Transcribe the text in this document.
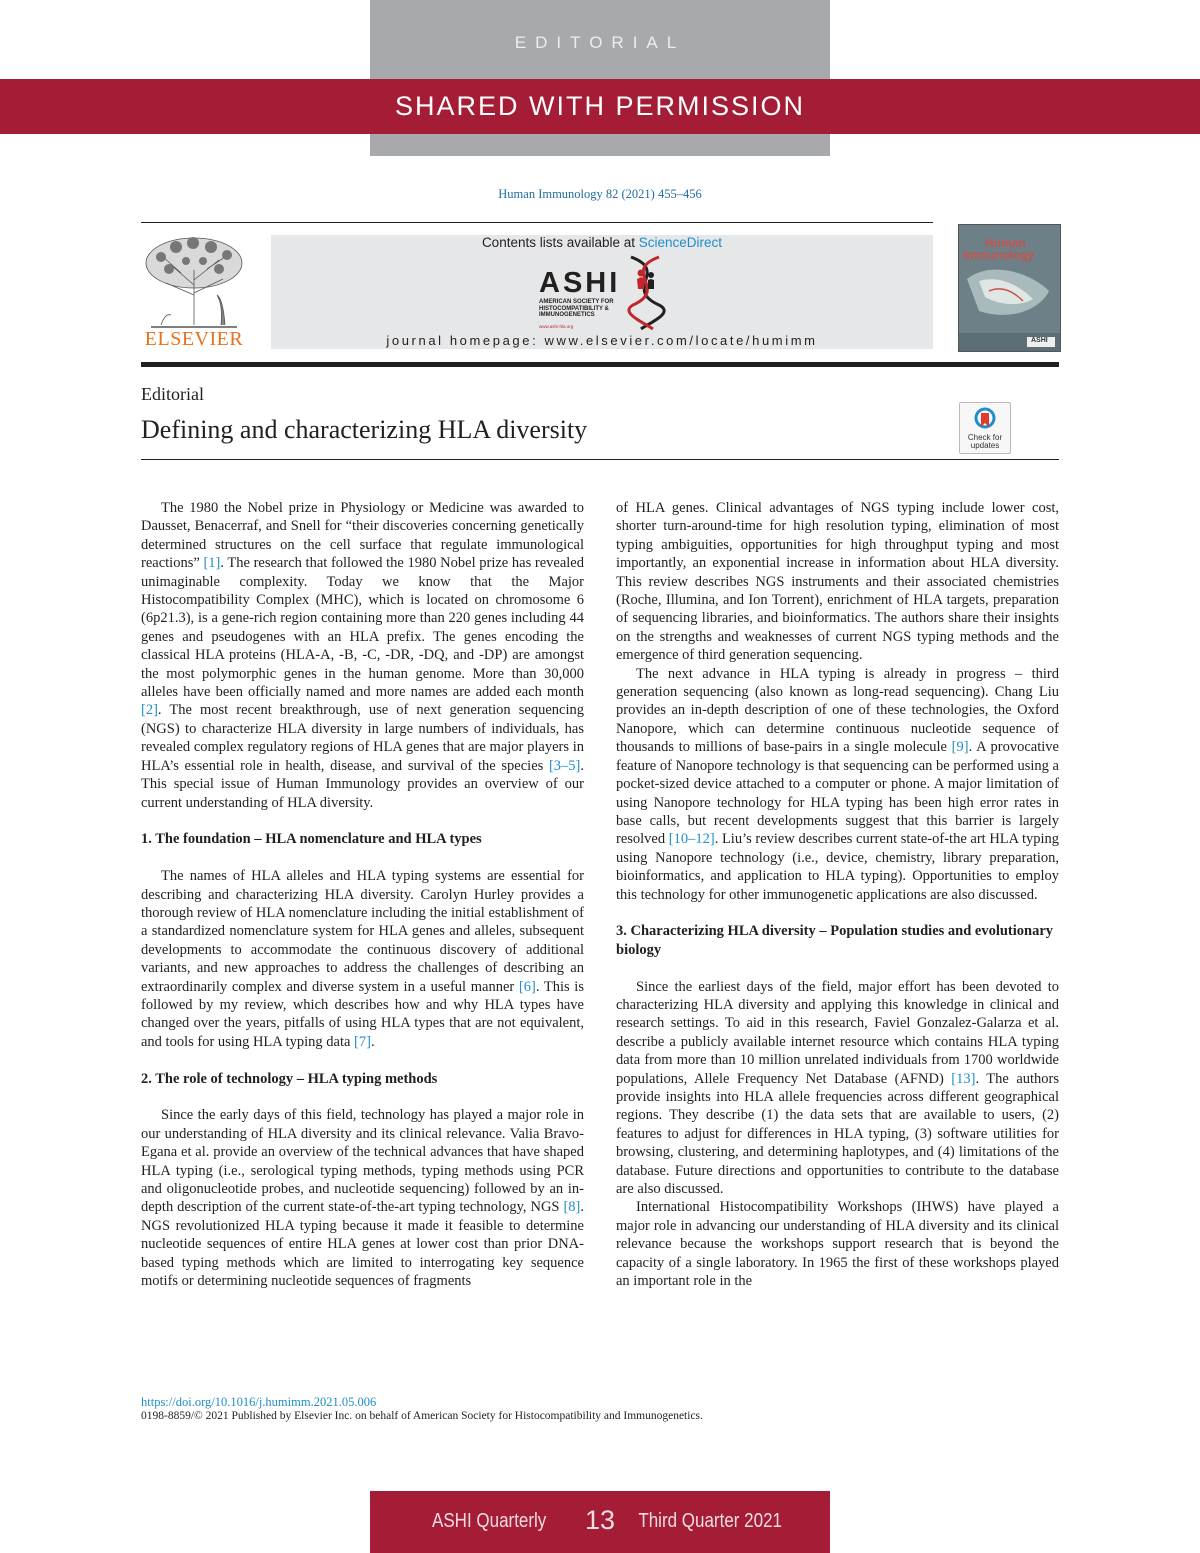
EDITORIAL
SHARED WITH PERMISSION
Human Immunology 82 (2021) 455–456
ELSEVIER
Contents lists available at ScienceDirect
ASHI
AMERICAN SOCIETY FOR
HISTOCOMPATIBILITY &
IMMUNOGENETICS
www.ashi-hla.org
journal homepage: www.elsevier.com/locate/humimm
Human
Immunology
ASHI
Editorial
Defining and characterizing HLA diversity	Check for
updates

The 1980 the Nobel prize in Physiology or Medicine was awarded to Dausset, Benacerraf, and Snell for “their discoveries concerning genetically determined structures on the cell surface that regulate immunological reactions” [1]. The research that followed the 1980 Nobel prize has revealed unimaginable complexity. Today we know that the Major Histocompatibility Complex (MHC), which is located on chromosome 6 (6p21.3), is a gene-rich region containing more than 220 genes including 44 genes and pseudogenes with an HLA prefix. The genes encoding the classical HLA proteins (HLA-A, -B, -C, -DR, -DQ, and -DP) are amongst the most polymorphic genes in the human genome. More than 30,000 alleles have been officially named and more names are added each month [2]. The most recent breakthrough, use of next generation sequencing (NGS) to characterize HLA diversity in large numbers of individuals, has revealed complex regulatory regions of HLA genes that are major players in HLA’s essential role in health, disease, and survival of the species [3–5]. This special issue of Human Immunology provides an overview of our current understanding of HLA diversity.

1. The foundation – HLA nomenclature and HLA types

The names of HLA alleles and HLA typing systems are essential for describing and characterizing HLA diversity. Carolyn Hurley provides a thorough review of HLA nomenclature including the initial establishment of a standardized nomenclature system for HLA genes and alleles, subsequent developments to accommodate the continuous discovery of additional variants, and new approaches to address the challenges of describing an extraordinarily complex and diverse system in a useful manner [6]. This is followed by my review, which describes how and why HLA types have changed over the years, pitfalls of using HLA types that are not equivalent, and tools for using HLA typing data [7].

2. The role of technology – HLA typing methods

Since the early days of this field, technology has played a major role in our understanding of HLA diversity and its clinical relevance. Valia Bravo-Egana et al. provide an overview of the technical advances that have shaped HLA typing (i.e., serological typing methods, typing methods using PCR and oligonucleotide probes, and nucleotide sequencing) followed by an in-depth description of the current state-of-the-art typing technology, NGS [8]. NGS revolutionized HLA typing because it made it feasible to determine nucleotide sequences of entire HLA genes at lower cost than prior DNA-based typing methods which are limited to interrogating key sequence motifs or determining nucleotide sequences of fragments

of HLA genes. Clinical advantages of NGS typing include lower cost, shorter turn-around-time for high resolution typing, elimination of most typing ambiguities, opportunities for high throughput typing and most importantly, an exponential increase in information about HLA diversity. This review describes NGS instruments and their associated chemistries (Roche, Illumina, and Ion Torrent), enrichment of HLA targets, preparation of sequencing libraries, and bioinformatics. The authors share their insights on the strengths and weaknesses of current NGS typing methods and the emergence of third generation sequencing.

The next advance in HLA typing is already in progress – third generation sequencing (also known as long-read sequencing). Chang Liu provides an in-depth description of one of these technologies, the Oxford Nanopore, which can determine continuous nucleotide sequence of thousands to millions of base-pairs in a single molecule [9]. A provocative feature of Nanopore technology is that sequencing can be performed using a pocket-sized device attached to a computer or phone. A major limitation of using Nanopore technology for HLA typing has been high error rates in base calls, but recent developments suggest that this barrier is largely resolved [10–12]. Liu’s review describes current state-of-the art HLA typing using Nanopore technology (i.e., device, chemistry, library preparation, bioinformatics, and application to HLA typing). Opportunities to employ this technology for other immunogenetic applications are also discussed.

3. Characterizing HLA diversity – Population studies and evolutionary biology

Since the earliest days of the field, major effort has been devoted to characterizing HLA diversity and applying this knowledge in clinical and research settings. To aid in this research, Faviel Gonzalez-Galarza et al. describe a publicly available internet resource which contains HLA typing data from more than 10 million unrelated individuals from 1700 worldwide populations, Allele Frequency Net Database (AFND) [13]. The authors provide insights into HLA allele frequencies across different geographical regions. They describe (1) the data sets that are available to users, (2) features to adjust for differences in HLA typing, (3) software utilities for browsing, clustering, and determining haplotypes, and (4) limitations of the database. Future directions and opportunities to contribute to the database are also discussed.

International Histocompatibility Workshops (IHWS) have played a major role in advancing our understanding of HLA diversity and its clinical relevance because the workshops support research that is beyond the capacity of a single laboratory. In 1965 the first of these workshops played an important role in the

https://doi.org/10.1016/j.humimm.2021.05.006
0198-8859/© 2021 Published by Elsevier Inc. on behalf of American Society for Histocompatibility and Immunogenetics.
ASHI Quarterly	13	Third Quarter 2021
